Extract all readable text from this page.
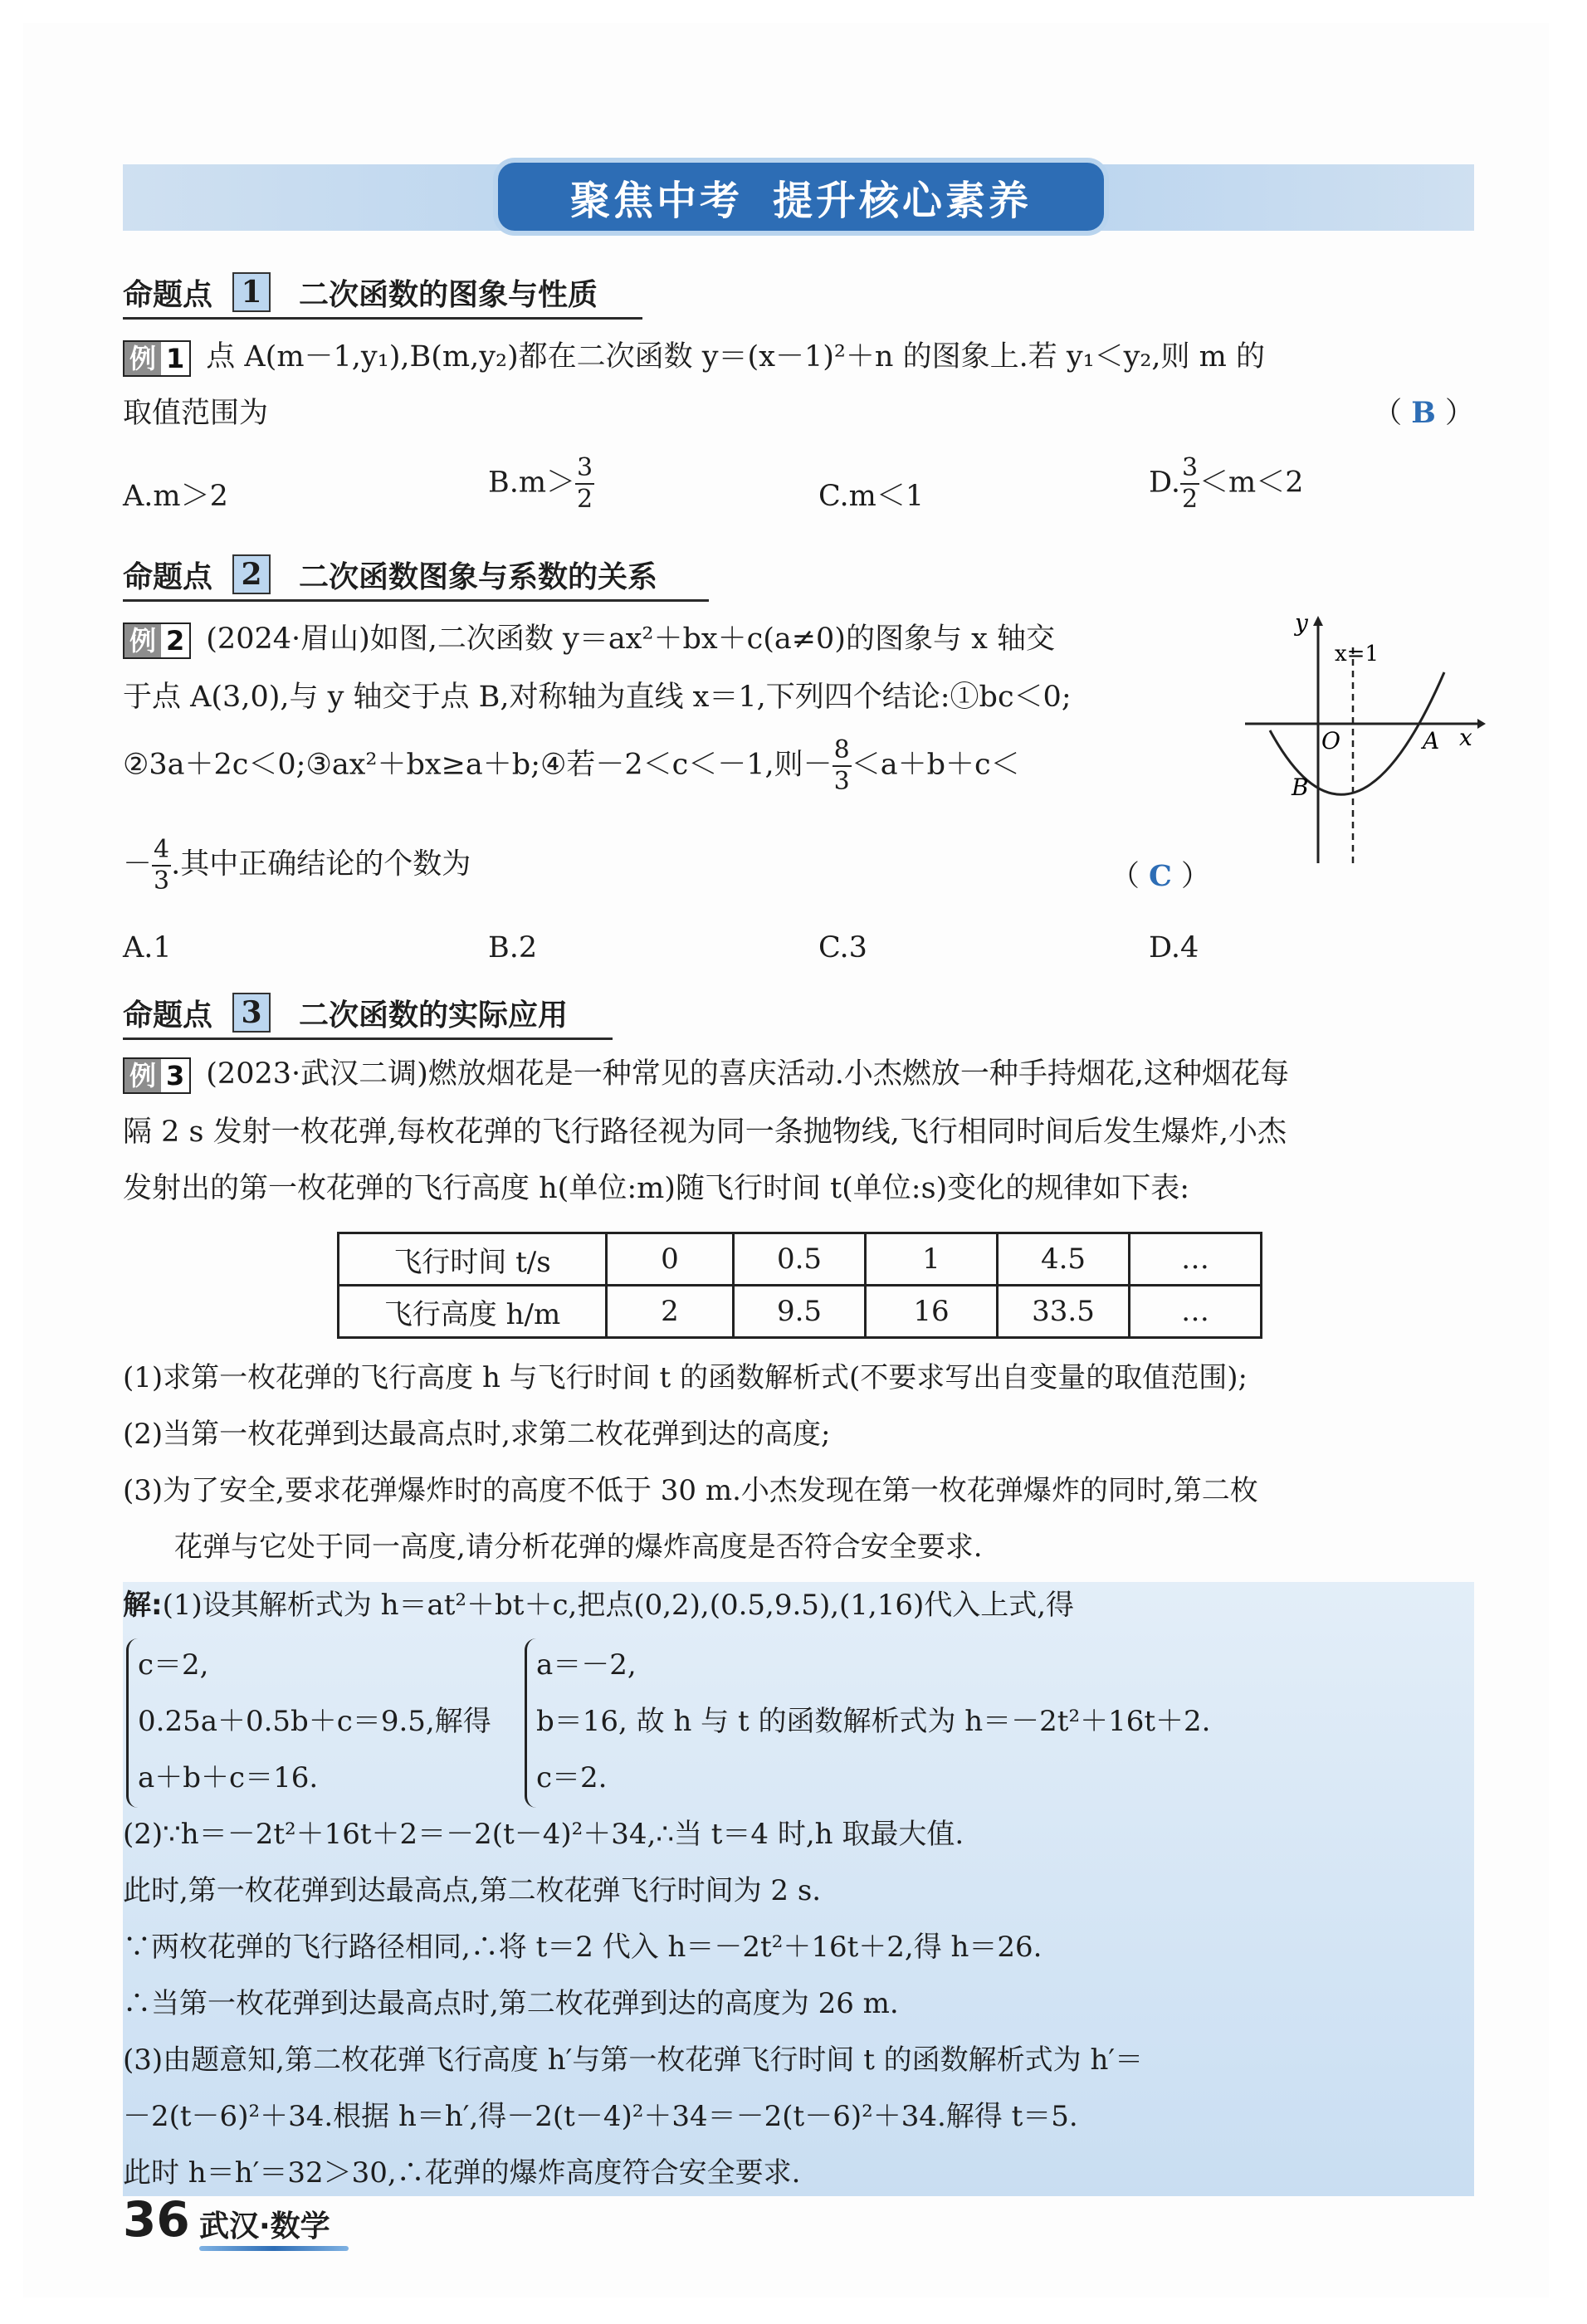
聚焦中考 提升核心素养
命题点 1 二次函数的图象与性质
例 1 点 A(m－1,y₁),B(m,y₂)都在二次函数 y＝(x－1)²＋n 的图象上.若 y₁＜y₂,则 m 的
取值范围为	（ B ）
A.m＞2	$B.m> \frac{3}{2}$	C.m＜1	D. $\frac{3}{2} <m<2$
命题点 2 二次函数图象与系数的关系
例 2 (2024·眉山)如图,二次函数 y＝ax²＋bx＋c(a≠0)的图象与 x 轴交
于点 A(3,0),与 y 轴交于点 B,对称轴为直线 x＝1,下列四个结论:①bc＜0;
②3a＋2c＜0;③ax²＋bx≥a＋b;④若－2＜c＜－1,则－ $\frac{8}{3} <a+b+c<$
－ $\frac{4}{3}$ .其中正确结论的个数为	（ C ）
A.1	B.2	C.3	D.4
y
x=1
O	A x
B
命题点 3 二次函数的实际应用
例 3 (2023·武汉二调)燃放烟花是一种常见的喜庆活动.小杰燃放一种手持烟花,这种烟花每
隔 2 s 发射一枚花弹,每枚花弹的飞行路径视为同一条抛物线,飞行相同时间后发生爆炸,小杰
发射出的第一枚花弹的飞行高度 h(单位:m)随飞行时间 t(单位:s)变化的规律如下表:
飞行时间 t/s	0	0.5	1	4.5	…
飞行高度 h/m	2	9.5	16	33.5	…
(1)求第一枚花弹的飞行高度 h 与飞行时间 t 的函数解析式(不要求写出自变量的取值范围);
(2)当第一枚花弹到达最高点时,求第二枚花弹到达的高度;
(3)为了安全,要求花弹爆炸时的高度不低于 30 m.小杰发现在第一枚花弹爆炸的同时,第二枚
花弹与它处于同一高度,请分析花弹的爆炸高度是否符合安全要求.
解:(1)设其解析式为 h＝at²＋bt＋c,把点(0,2),(0.5,9.5),(1,16)代入上式,得
c＝2,
0.25a＋0.5b＋c＝9.5,解得
a＋b＋c＝16.
a＝－2,
b＝16, 故 h 与 t 的函数解析式为 h＝－2t²＋16t＋2.
c＝2.
(2)∵h＝－2t²＋16t＋2＝－2(t－4)²＋34,∴当 t＝4 时,h 取最大值.
此时,第一枚花弹到达最高点,第二枚花弹飞行时间为 2 s.
∵两枚花弹的飞行路径相同,∴将 t＝2 代入 h＝－2t²＋16t＋2,得 h＝26.
∴当第一枚花弹到达最高点时,第二枚花弹到达的高度为 26 m.
(3)由题意知,第二枚花弹飞行高度 h′与第一枚花弹飞行时间 t 的函数解析式为 h′＝
－2(t－6)²＋34.根据 h＝h′,得－2(t－4)²＋34＝－2(t－6)²＋34.解得 t＝5.
此时 h＝h′＝32＞30,∴花弹的爆炸高度符合安全要求.
36 武汉·数学
